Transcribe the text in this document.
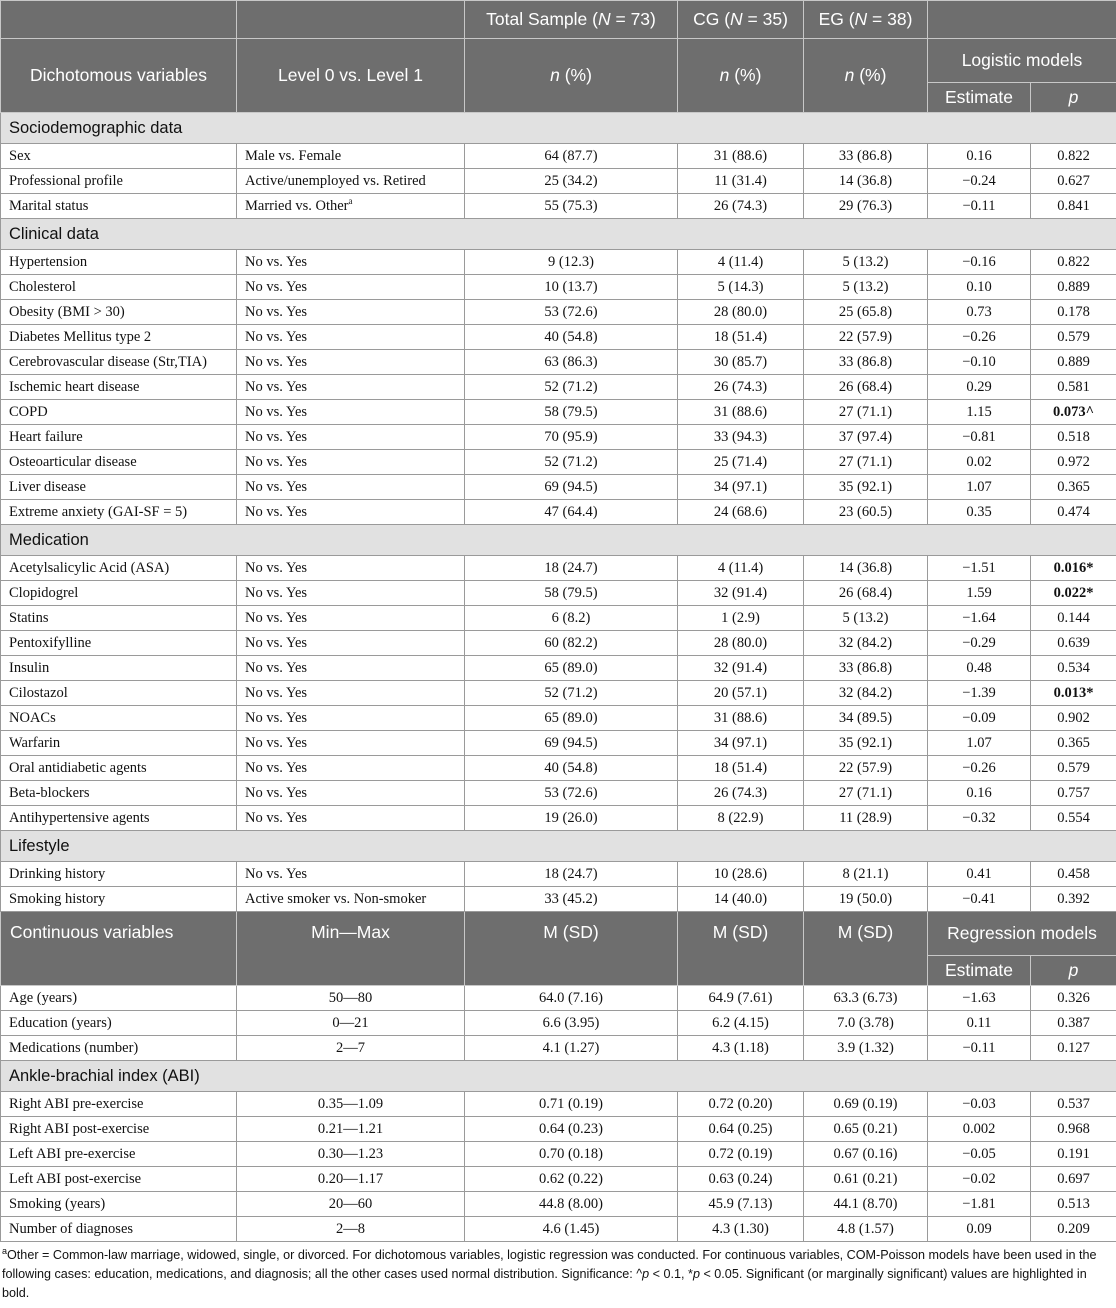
		Total Sample (N = 73)	CG (N = 35)	EG (N = 38)		
Dichotomous variables	Level 0 vs. Level 1	n (%)	n (%)	n (%)	Logistic models	
					Estimate	p
Sociodemographic data						
Sex	Male vs. Female	64 (87.7)	31 (88.6)	33 (86.8)	0.16	0.822
Professional profile	Active/unemployed vs. Retired	25 (34.2)	11 (31.4)	14 (36.8)	−0.24	0.627
Marital status	Married vs. Other$^a$	55 (75.3)	26 (74.3)	29 (76.3)	−0.11	0.841
Clinical data						
Hypertension	No vs. Yes	9 (12.3)	4 (11.4)	5 (13.2)	−0.16	0.822
Cholesterol	No vs. Yes	10 (13.7)	5 (14.3)	5 (13.2)	0.10	0.889
Obesity (BMI > 30)	No vs. Yes	53 (72.6)	28 (80.0)	25 (65.8)	0.73	0.178
Diabetes Mellitus type 2	No vs. Yes	40 (54.8)	18 (51.4)	22 (57.9)	−0.26	0.579
Cerebrovascular disease (Str,TIA)	No vs. Yes	63 (86.3)	30 (85.7)	33 (86.8)	−0.10	0.889
Ischemic heart disease	No vs. Yes	52 (71.2)	26 (74.3)	26 (68.4)	0.29	0.581
COPD	No vs. Yes	58 (79.5)	31 (88.6)	27 (71.1)	1.15	0.073^
Heart failure	No vs. Yes	70 (95.9)	33 (94.3)	37 (97.4)	−0.81	0.518
Osteoarticular disease	No vs. Yes	52 (71.2)	25 (71.4)	27 (71.1)	0.02	0.972
Liver disease	No vs. Yes	69 (94.5)	34 (97.1)	35 (92.1)	1.07	0.365
Extreme anxiety (GAI-SF = 5)	No vs. Yes	47 (64.4)	24 (68.6)	23 (60.5)	0.35	0.474
Medication						
Acetylsalicylic Acid (ASA)	No vs. Yes	18 (24.7)	4 (11.4)	14 (36.8)	−1.51	0.016*
Clopidogrel	No vs. Yes	58 (79.5)	32 (91.4)	26 (68.4)	1.59	0.022*
Statins	No vs. Yes	6 (8.2)	1 (2.9)	5 (13.2)	−1.64	0.144
Pentoxifylline	No vs. Yes	60 (82.2)	28 (80.0)	32 (84.2)	−0.29	0.639
Insulin	No vs. Yes	65 (89.0)	32 (91.4)	33 (86.8)	0.48	0.534
Cilostazol	No vs. Yes	52 (71.2)	20 (57.1)	32 (84.2)	−1.39	0.013*
NOACs	No vs. Yes	65 (89.0)	31 (88.6)	34 (89.5)	−0.09	0.902
Warfarin	No vs. Yes	69 (94.5)	34 (97.1)	35 (92.1)	1.07	0.365
Oral antidiabetic agents	No vs. Yes	40 (54.8)	18 (51.4)	22 (57.9)	−0.26	0.579
Beta-blockers	No vs. Yes	53 (72.6)	26 (74.3)	27 (71.1)	0.16	0.757
Antihypertensive agents	No vs. Yes	19 (26.0)	8 (22.9)	11 (28.9)	−0.32	0.554
Lifestyle						
Drinking history	No vs. Yes	18 (24.7)	10 (28.6)	8 (21.1)	0.41	0.458
Smoking history	Active smoker vs. Non-smoker	33 (45.2)	14 (40.0)	19 (50.0)	−0.41	0.392
Continuous variables	Min—Max	M (SD)	M (SD)	M (SD)	Regression models	
					Estimate	p
Age (years)	50—80	64.0 (7.16)	64.9 (7.61)	63.3 (6.73)	−1.63	0.326
Education (years)	0—21	6.6 (3.95)	6.2 (4.15)	7.0 (3.78)	0.11	0.387
Medications (number)	2—7	4.1 (1.27)	4.3 (1.18)	3.9 (1.32)	−0.11	0.127
Ankle-brachial index (ABI)						
Right ABI pre-exercise	0.35—1.09	0.71 (0.19)	0.72 (0.20)	0.69 (0.19)	−0.03	0.537
Right ABI post-exercise	0.21—1.21	0.64 (0.23)	0.64 (0.25)	0.65 (0.21)	0.002	0.968
Left ABI pre-exercise	0.30—1.23	0.70 (0.18)	0.72 (0.19)	0.67 (0.16)	−0.05	0.191
Left ABI post-exercise	0.20—1.17	0.62 (0.22)	0.63 (0.24)	0.61 (0.21)	−0.02	0.697
Smoking (years)	20—60	44.8 (8.00)	45.9 (7.13)	44.1 (8.70)	−1.81	0.513
Number of diagnoses	2—8	4.6 (1.45)	4.3 (1.30)	4.8 (1.57)	0.09	0.209
$^a$Other = Common-law marriage, widowed, single, or divorced. For dichotomous variables, logistic regression was conducted. For continuous variables, COM-Poisson models have been used in the following cases: education, medications, and diagnosis; all the other cases used normal distribution. Significance: ^p < 0.1, *p < 0.05. Significant (or marginally significant) values are highlighted in bold.
